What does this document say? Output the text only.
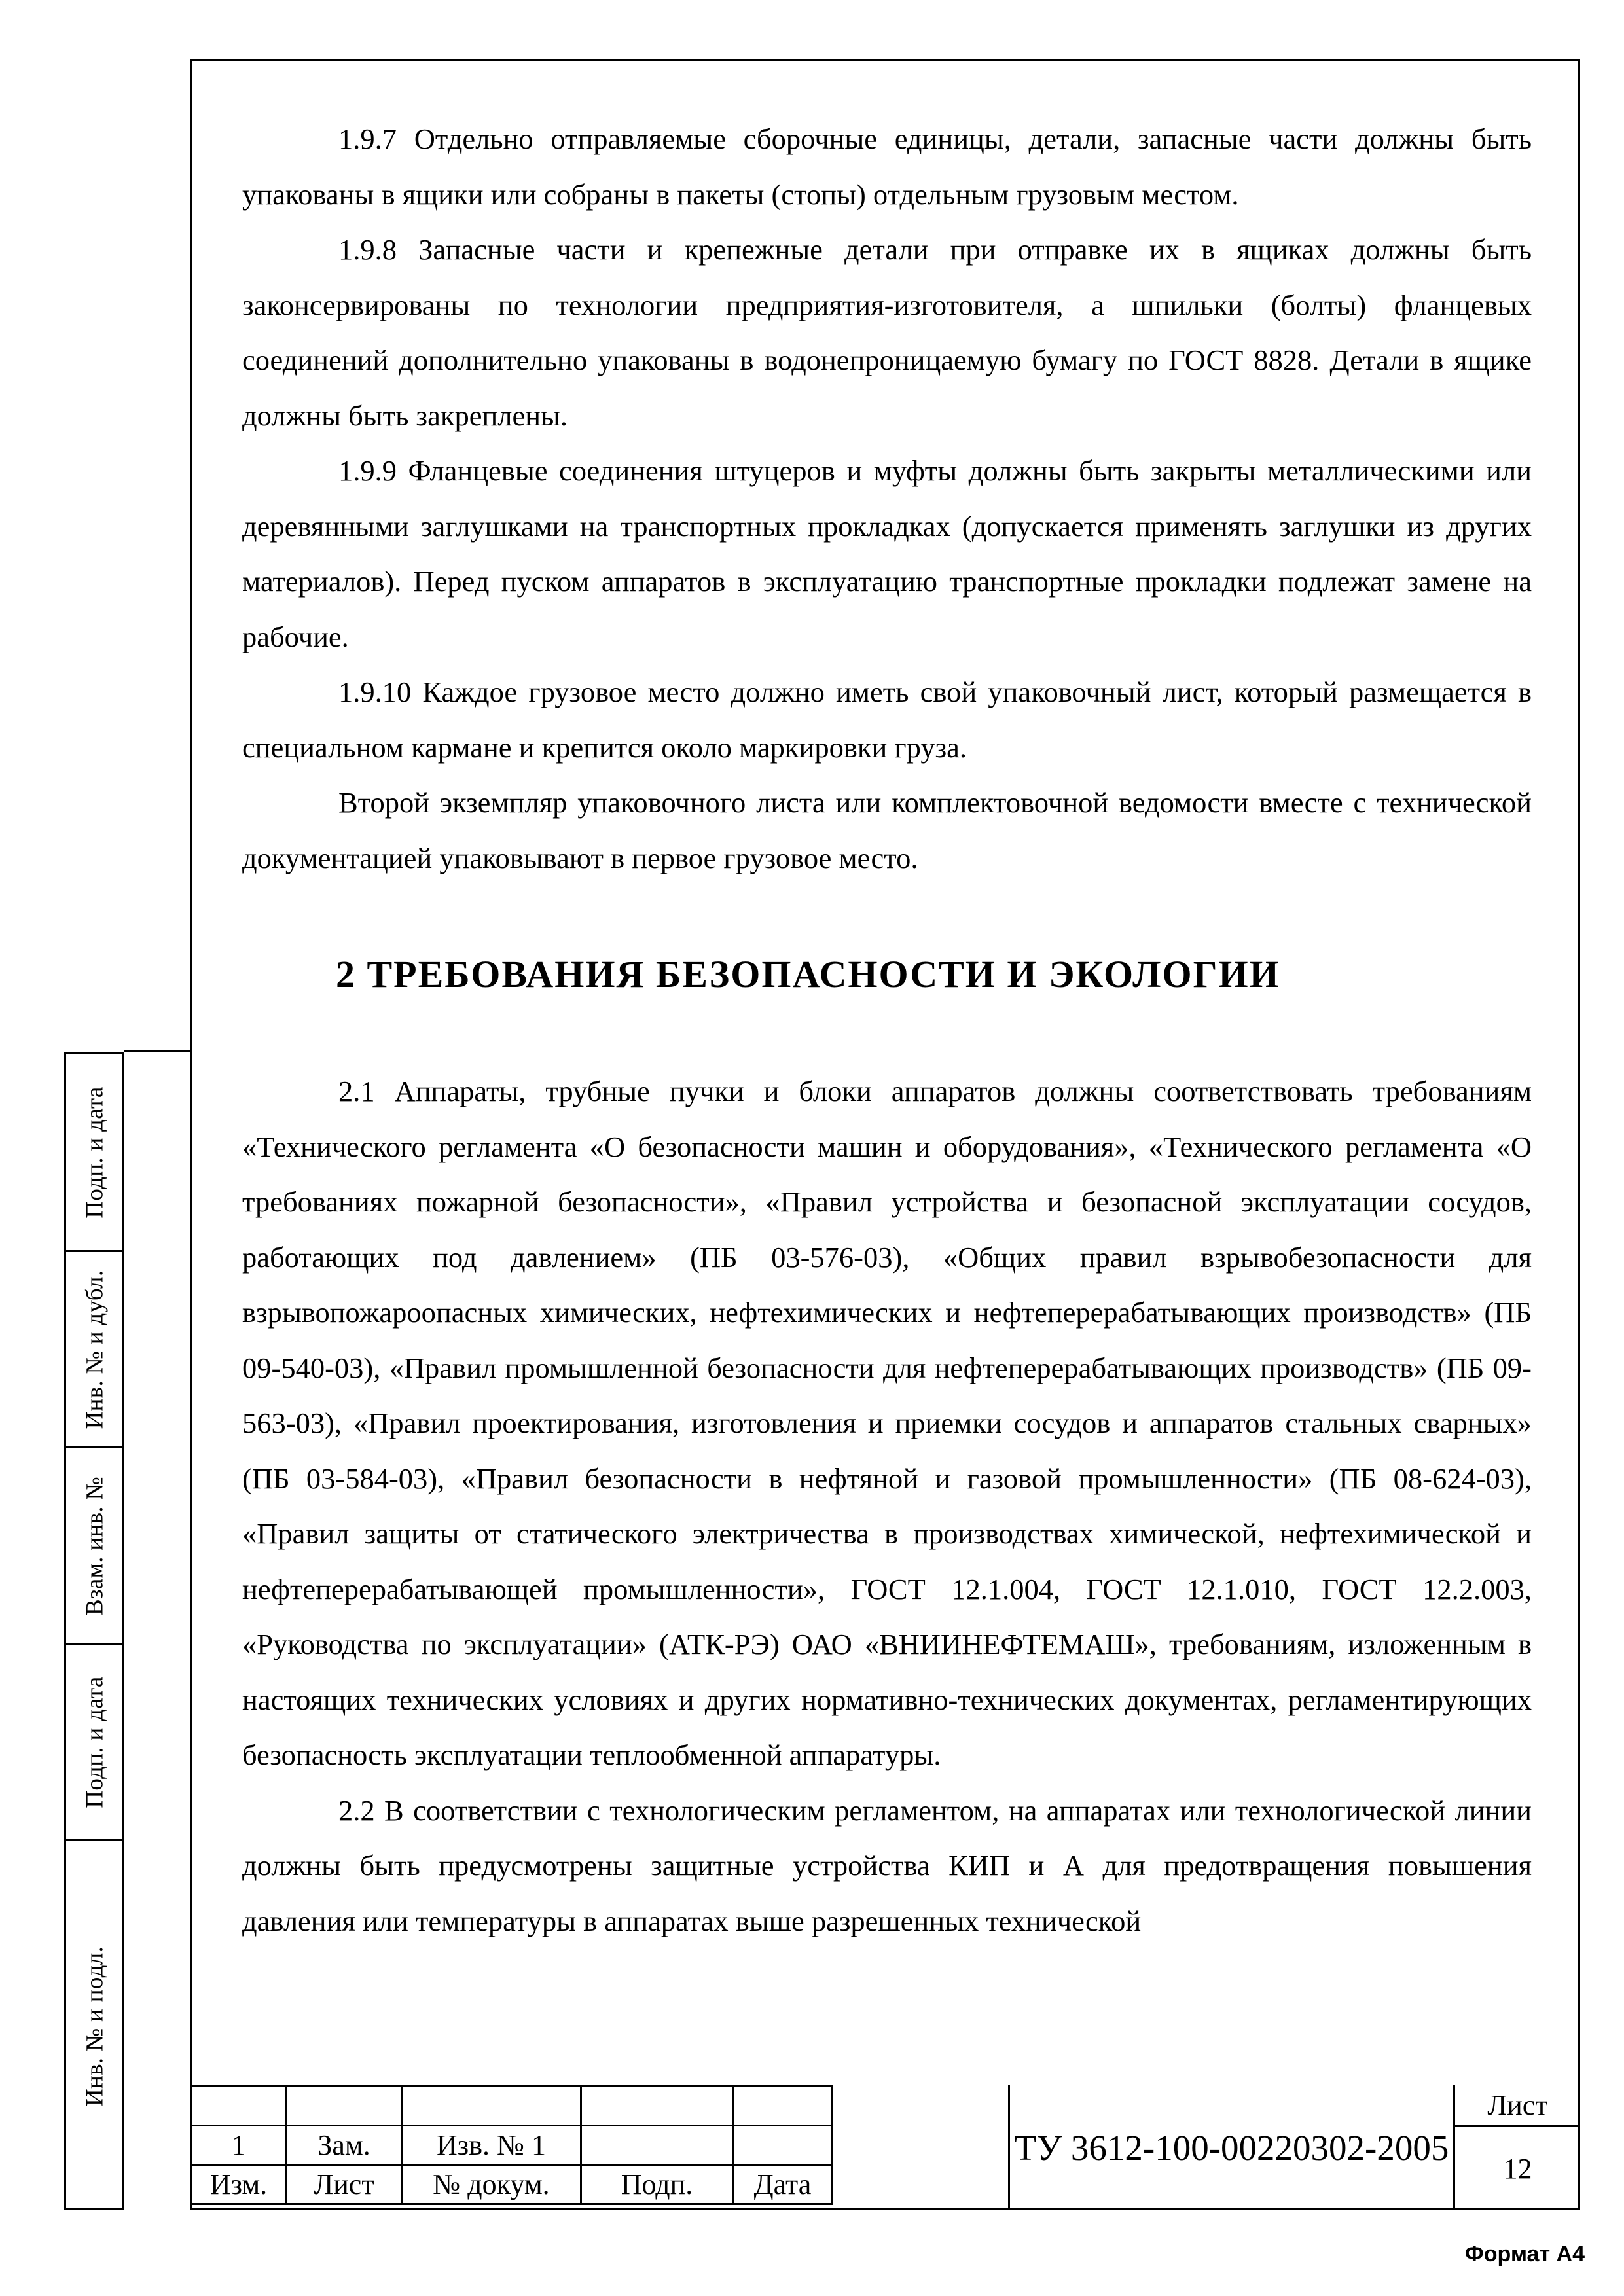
Подп. и дата
Инв. № и дубл.
Взам. инв. №
Подп. и дата
Инв. № и подл.

1.9.7 Отдельно отправляемые сборочные единицы, детали, запасные части должны быть упакованы в ящики или собраны в пакеты (стопы) отдельным грузовым местом.

1.9.8 Запасные части и крепежные детали при отправке их в ящиках должны быть законсервированы по технологии предприятия-изготовителя, а шпильки (болты) фланцевых соединений дополнительно упакованы в водонепроницаемую бумагу по ГОСТ 8828. Детали в ящике должны быть закреплены.

1.9.9 Фланцевые соединения штуцеров и муфты должны быть закрыты металлическими или деревянными заглушками на транспортных прокладках (допускается применять заглушки из других материалов). Перед пуском аппаратов в эксплуатацию транспортные прокладки подлежат замене на рабочие.

1.9.10 Каждое грузовое место должно иметь свой упаковочный лист, который размещается в специальном кармане и крепится около маркировки груза.

Второй экземпляр упаковочного листа или комплектовочной ведомости вместе с технической документацией упаковывают в первое грузовое место.

2 ТРЕБОВАНИЯ БЕЗОПАСНОСТИ И ЭКОЛОГИИ

2.1 Аппараты, трубные пучки и блоки аппаратов должны соответствовать требованиям «Технического регламента «О безопасности машин и оборудования», «Технического регламента «О требованиях пожарной безопасности», «Правил устройства и безопасной эксплуатации сосудов, работающих под давлением» (ПБ 03-576-03), «Общих правил взрывобезопасности для взрывопожароопасных химических, нефтехимических и нефтеперерабатывающих производств» (ПБ 09-540-03), «Правил промышленной безопасности для нефтеперерабатывающих производств» (ПБ 09-563-03), «Правил проектирования, изготовления и приемки сосудов и аппаратов стальных сварных» (ПБ 03-584-03), «Правил безопасности в нефтяной и газовой промышленности» (ПБ 08-624-03), «Правил защиты от статического электричества в производствах химической, нефтехимической и нефтеперерабатывающей промышленности», ГОСТ 12.1.004, ГОСТ 12.1.010, ГОСТ 12.2.003, «Руководства по эксплуатации» (АТК-РЭ) ОАО «ВНИИНЕФТЕМАШ», требованиям, изложенным в настоящих технических условиях и других нормативно-технических документах, регламентирующих безопасность эксплуатации теплообменной аппаратуры.

2.2 В соответствии с технологическим регламентом, на аппаратах или технологической линии должны быть предусмотрены защитные устройства КИП и А для предотвращения повышения давления или температуры в аппаратах выше разрешенных технической

1	Зам.	Изв. № 1		
Изм.	Лист	№ докум.	Подп.	Дата
ТУ 3612-100-00220302-2005
Лист
12
Формат А4
